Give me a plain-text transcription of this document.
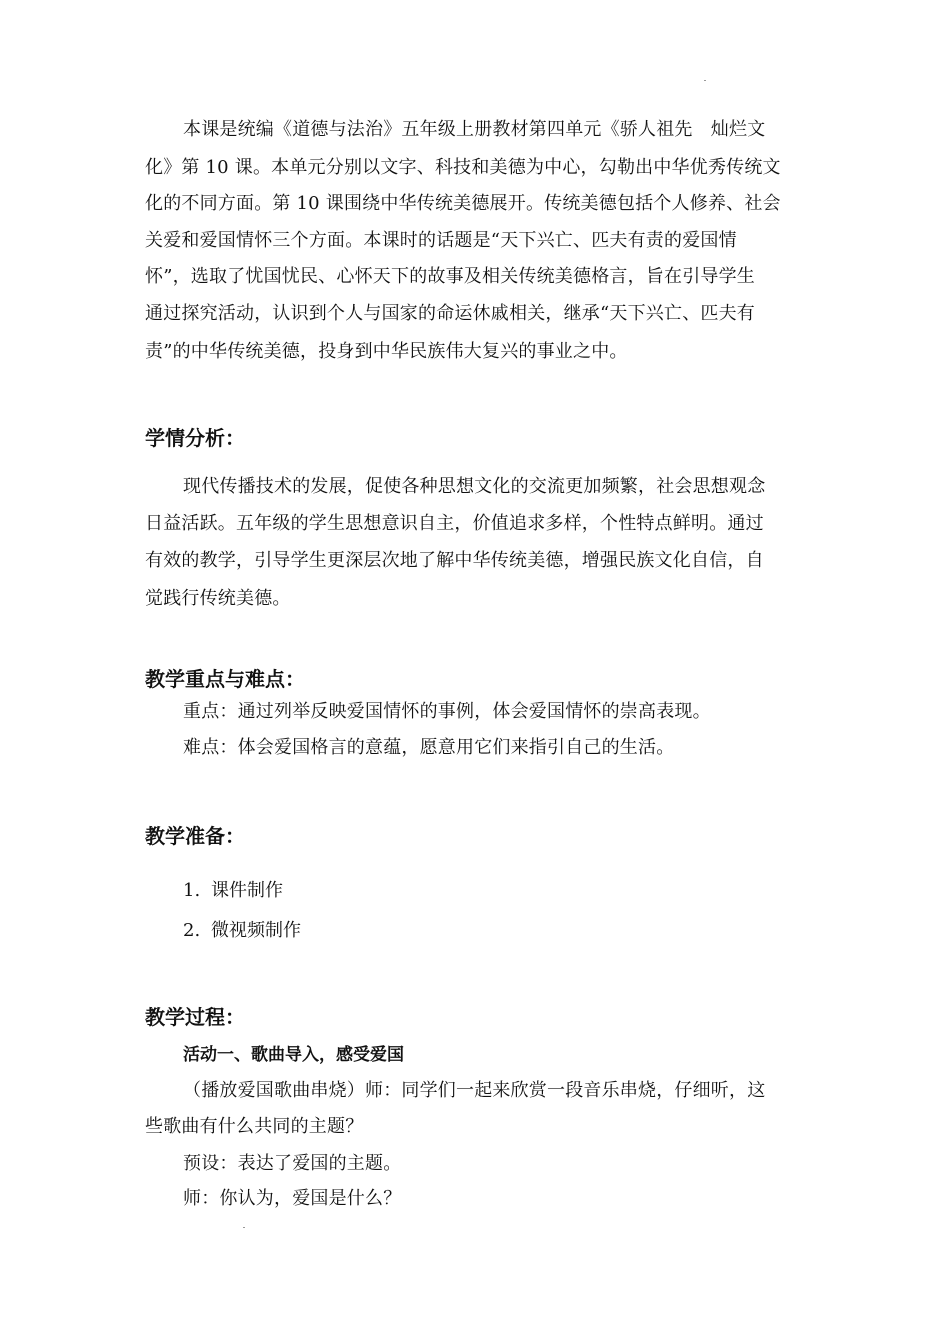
本课是统编《道德与法治》五年级上册教材第四单元《骄人祖先　灿烂文
化》第 10 课。本单元分别以文字、科技和美德为中心，勾勒出中华优秀传统文
化的不同方面。第 10 课围绕中华传统美德展开。传统美德包括个人修养、社会
关爱和爱国情怀三个方面。本课时的话题是“天下兴亡、匹夫有责的爱国情
怀”，选取了忧国忧民、心怀天下的故事及相关传统美德格言，旨在引导学生
通过探究活动，认识到个人与国家的命运休戚相关，继承“天下兴亡、匹夫有
责”的中华传统美德，投身到中华民族伟大复兴的事业之中。
学情分析：
现代传播技术的发展，促使各种思想文化的交流更加频繁，社会思想观念
日益活跃。五年级的学生思想意识自主，价值追求多样，个性特点鲜明。通过
有效的教学，引导学生更深层次地了解中华传统美德，增强民族文化自信，自
觉践行传统美德。
教学重点与难点：
重点：通过列举反映爱国情怀的事例，体会爱国情怀的崇高表现。
难点：体会爱国格言的意蕴，愿意用它们来指引自己的生活。
教学准备：
1. 课件制作
2. 微视频制作
教学过程：
活动一、歌曲导入，感受爱国
（播放爱国歌曲串烧）师：同学们一起来欣赏一段音乐串烧，仔细听，这
些歌曲有什么共同的主题？
预设：表达了爱国的主题。
师：你认为，爱国是什么？
